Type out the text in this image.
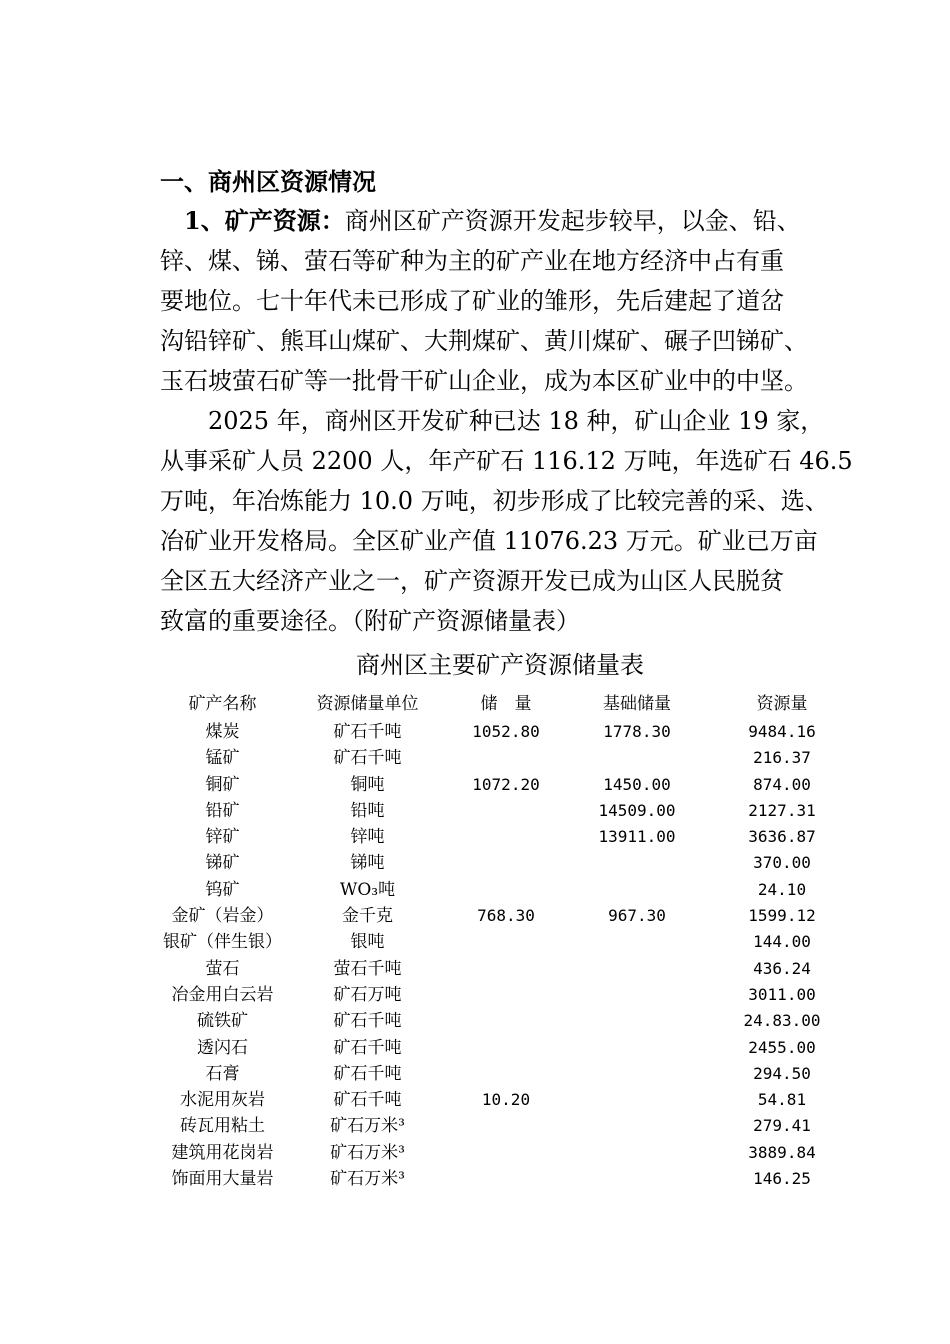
一、商州区资源情况

1、矿产资源：商州区矿产资源开发起步较早，以金、铅、
锌、煤、锑、萤石等矿种为主的矿产业在地方经济中占有重
要地位。七十年代未已形成了矿业的雏形，先后建起了道岔
沟铅锌矿、熊耳山煤矿、大荆煤矿、黄川煤矿、碾子凹锑矿、
玉石坡萤石矿等一批骨干矿山企业，成为本区矿业中的中坚。

2025 年，商州区开发矿种已达 18 种，矿山企业 19 家，
从事采矿人员 2200 人，年产矿石 116.12 万吨，年选矿石 46.5
万吨，年冶炼能力 10.0 万吨，初步形成了比较完善的采、选、
冶矿业开发格局。全区矿业产值 11076.23 万元。矿业已万亩
全区五大经济产业之一，矿产资源开发已成为山区人民脱贫
致富的重要途径。（附矿产资源储量表）

商州区主要矿产资源储量表

矿产名称	资源储量单位	储　量	基础储量	资源量
煤炭	矿石千吨	1052.80	1778.30	9484.16
锰矿	矿石千吨			216.37
铜矿	铜吨	1072.20	1450.00	874.00
铅矿	铅吨		14509.00	2127.31
锌矿	锌吨		13911.00	3636.87
锑矿	锑吨			370.00
钨矿	WO₃吨			24.10
金矿（岩金）	金千克	768.30	967.30	1599.12
银矿（伴生银）	银吨			144.00
萤石	萤石千吨			436.24
冶金用白云岩	矿石万吨			3011.00
硫铁矿	矿石千吨			24.83.00
透闪石	矿石千吨			2455.00
石膏	矿石千吨			294.50
水泥用灰岩	矿石千吨	10.20		54.81
砖瓦用粘土	矿石万米³			279.41
建筑用花岗岩	矿石万米³			3889.84
饰面用大量岩	矿石万米³			146.25
